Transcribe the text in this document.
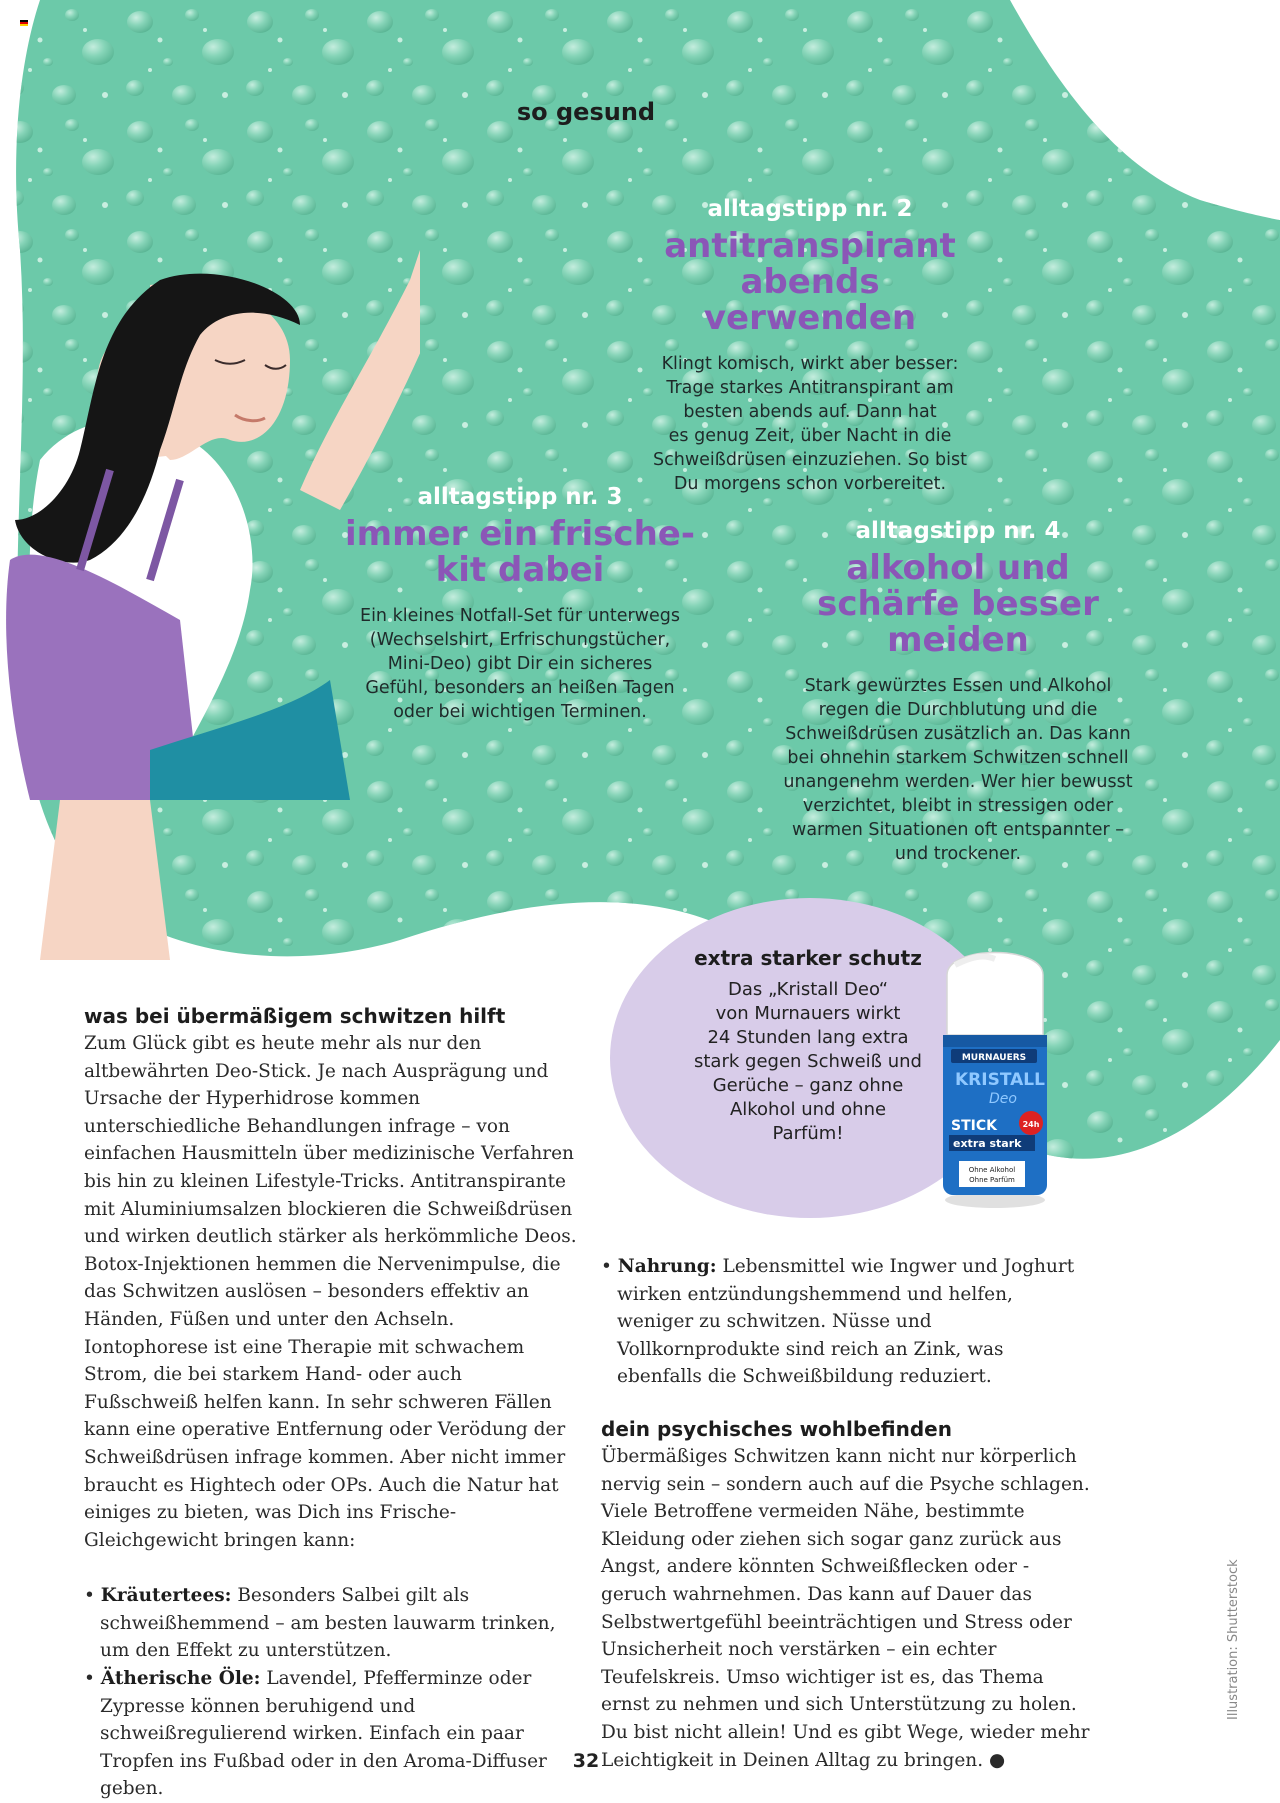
so gesund
alltagstipp nr. 2
antitranspirant abends verwenden
Klingt komisch, wirkt aber besser:
Trage starkes Antitranspirant am
besten abends auf. Dann hat
es genug Zeit, über Nacht in die
Schweißdrüsen einzuziehen. So bist
Du morgens schon vorbereitet.
alltagstipp nr. 3
immer ein frische-kit dabei
Ein kleines Notfall-Set für unterwegs
(Wechselshirt, Erfrischungstücher,
Mini-Deo) gibt Dir ein sicheres
Gefühl, besonders an heißen Tagen
oder bei wichtigen Terminen.
alltagstipp nr. 4
alkohol und schärfe besser meiden
Stark gewürztes Essen und Alkohol
regen die Durchblutung und die
Schweißdrüsen zusätzlich an. Das kann
bei ohnehin starkem Schwitzen schnell
unangenehm werden. Wer hier bewusst
verzichtet, bleibt in stressigen oder
warmen Situationen oft entspannter –
und trockener.
extra starker schutz
Das „Kristall Deo“
von Murnauers wirkt
24 Stunden lang extra
stark gegen Schweiß und
Gerüche – ganz ohne
Alkohol und ohne
Parfüm!
MURNAUERS
KRISTALL
Deo
STICK
extra stark
24h
Ohne Alkohol
Ohne Parfüm
was bei übermäßigem schwitzen hilft

Zum Glück gibt es heute mehr als nur den altbewährten Deo-Stick. Je nach Ausprägung und Ursache der Hyperhidrose kommen unterschiedliche Behandlungen infrage – von einfachen Hausmitteln über medizinische Verfahren bis hin zu kleinen Lifestyle-Tricks. Antitranspirante mit Aluminiumsalzen blockieren die Schweißdrüsen und wirken deutlich stärker als herkömmliche Deos. Botox-Injektionen hemmen die Nervenimpulse, die das Schwitzen auslösen – besonders effektiv an Händen, Füßen und unter den Achseln. Iontophorese ist eine Therapie mit schwachem Strom, die bei starkem Hand- oder auch Fußschweiß helfen kann. In sehr schweren Fällen kann eine operative Entfernung oder Verödung der Schweißdrüsen infrage kommen. Aber nicht immer braucht es Hightech oder OPs. Auch die Natur hat einiges zu bieten, was Dich ins Frische-Gleichgewicht bringen kann:

• Kräutertees: Besonders Salbei gilt als schweißhemmend – am besten lauwarm trinken, um den Effekt zu unterstützen.

• Ätherische Öle: Lavendel, Pfefferminze oder Zypresse können beruhigend und schweißregulierend wirken. Einfach ein paar Tropfen ins Fußbad oder in den Aroma-Diffuser geben.

• Nahrung: Lebensmittel wie Ingwer und Joghurt wirken entzündungshemmend und helfen, weniger zu schwitzen. Nüsse und Vollkornprodukte sind reich an Zink, was ebenfalls die Schweißbildung reduziert.

dein psychisches wohlbefinden

Übermäßiges Schwitzen kann nicht nur körperlich nervig sein – sondern auch auf die Psyche schlagen. Viele Betroffene vermeiden Nähe, bestimmte Kleidung oder ziehen sich sogar ganz zurück aus Angst, andere könnten Schweißflecken oder -geruch wahrnehmen. Das kann auf Dauer das Selbstwertgefühl beeinträchtigen und Stress oder Unsicherheit noch verstärken – ein echter Teufelskreis. Umso wichtiger ist es, das Thema ernst zu nehmen und sich Unterstützung zu holen. Du bist nicht allein! Und es gibt Wege, wieder mehr Leichtigkeit in Deinen Alltag zu bringen. ●

Illustration: Shutterstock
32
